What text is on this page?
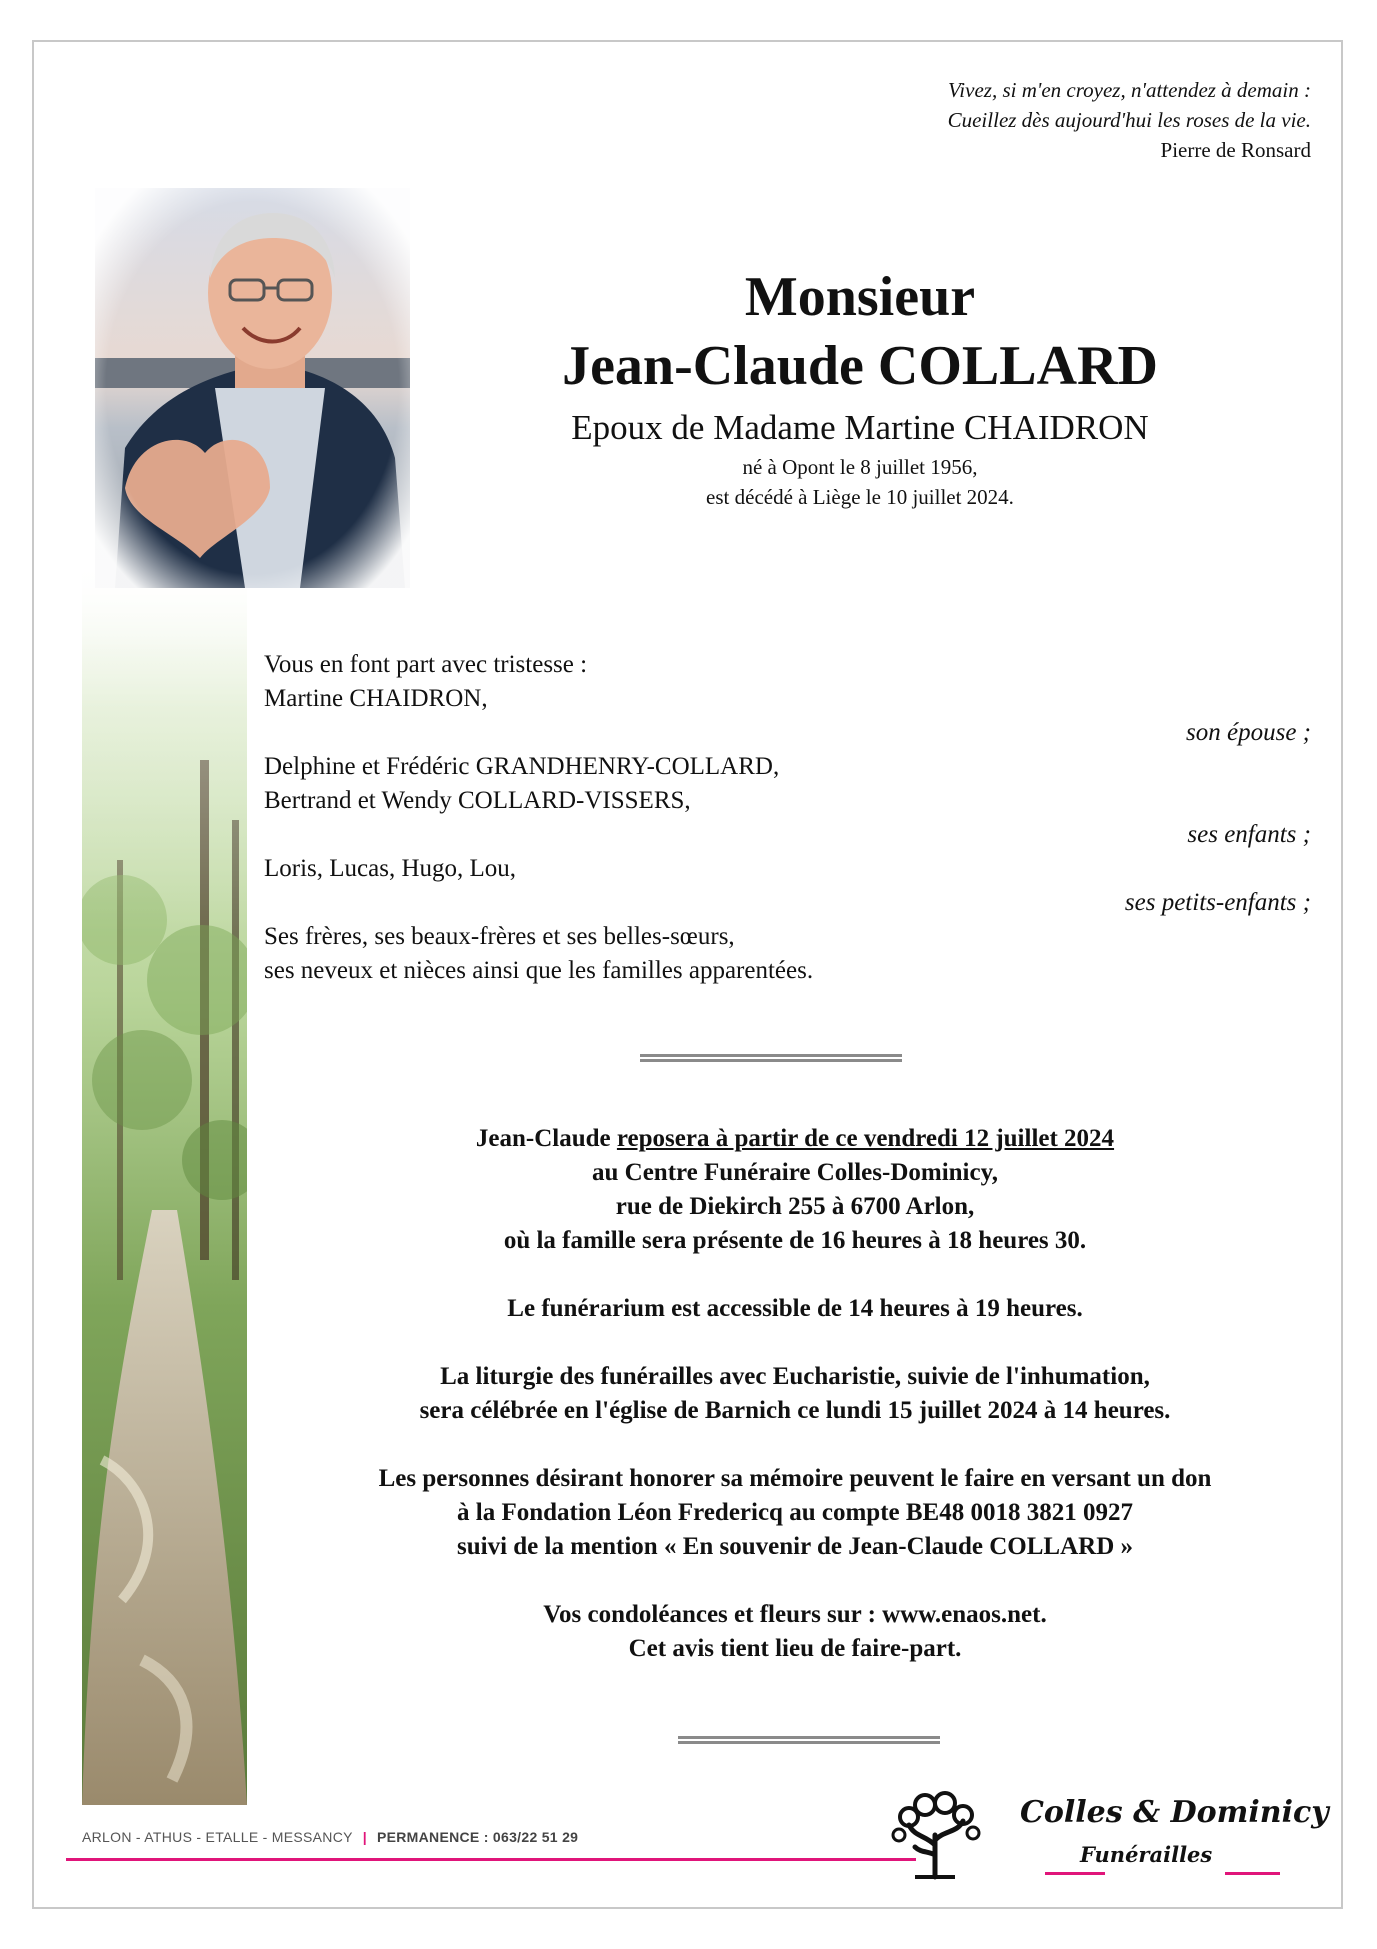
Vivez, si m'en croyez, n'attendez à demain :
Cueillez dès aujourd'hui les roses de la vie.
Pierre de Ronsard
Monsieur
Jean-Claude COLLARD
Epoux de Madame Martine CHAIDRON
né à Opont le 8 juillet 1956,
est décédé à Liège le 10 juillet 2024.
Vous en font part avec tristesse :
Martine CHAIDRON,
son épouse ;
Delphine et Frédéric GRANDHENRY-COLLARD,
Bertrand et Wendy COLLARD-VISSERS,
ses enfants ;
Loris, Lucas, Hugo, Lou,
ses petits-enfants ;
Ses frères, ses beaux-frères et ses belles-sœurs,
ses neveux et nièces ainsi que les familles apparentées.
Jean-Claude reposera à partir de ce vendredi 12 juillet 2024
au Centre Funéraire Colles-Dominicy,
rue de Diekirch 255 à 6700 Arlon,
où la famille sera présente de 16 heures à 18 heures 30.
Le funérarium est accessible de 14 heures à 19 heures.
La liturgie des funérailles avec Eucharistie, suivie de l'inhumation,
sera célébrée en l'église de Barnich ce lundi 15 juillet 2024 à 14 heures.
Les personnes désirant honorer sa mémoire peuvent le faire en versant un don
à la Fondation Léon Fredericq au compte BE48 0018 3821 0927
suivi de la mention « En souvenir de Jean-Claude COLLARD »
Vos condoléances et fleurs sur : www.enaos.net.
Cet avis tient lieu de faire-part.
ARLON - ATHUS - ETALLE - MESSANCY | PERMANENCE : 063/22 51 29
Colles & Dominicy
Funérailles
